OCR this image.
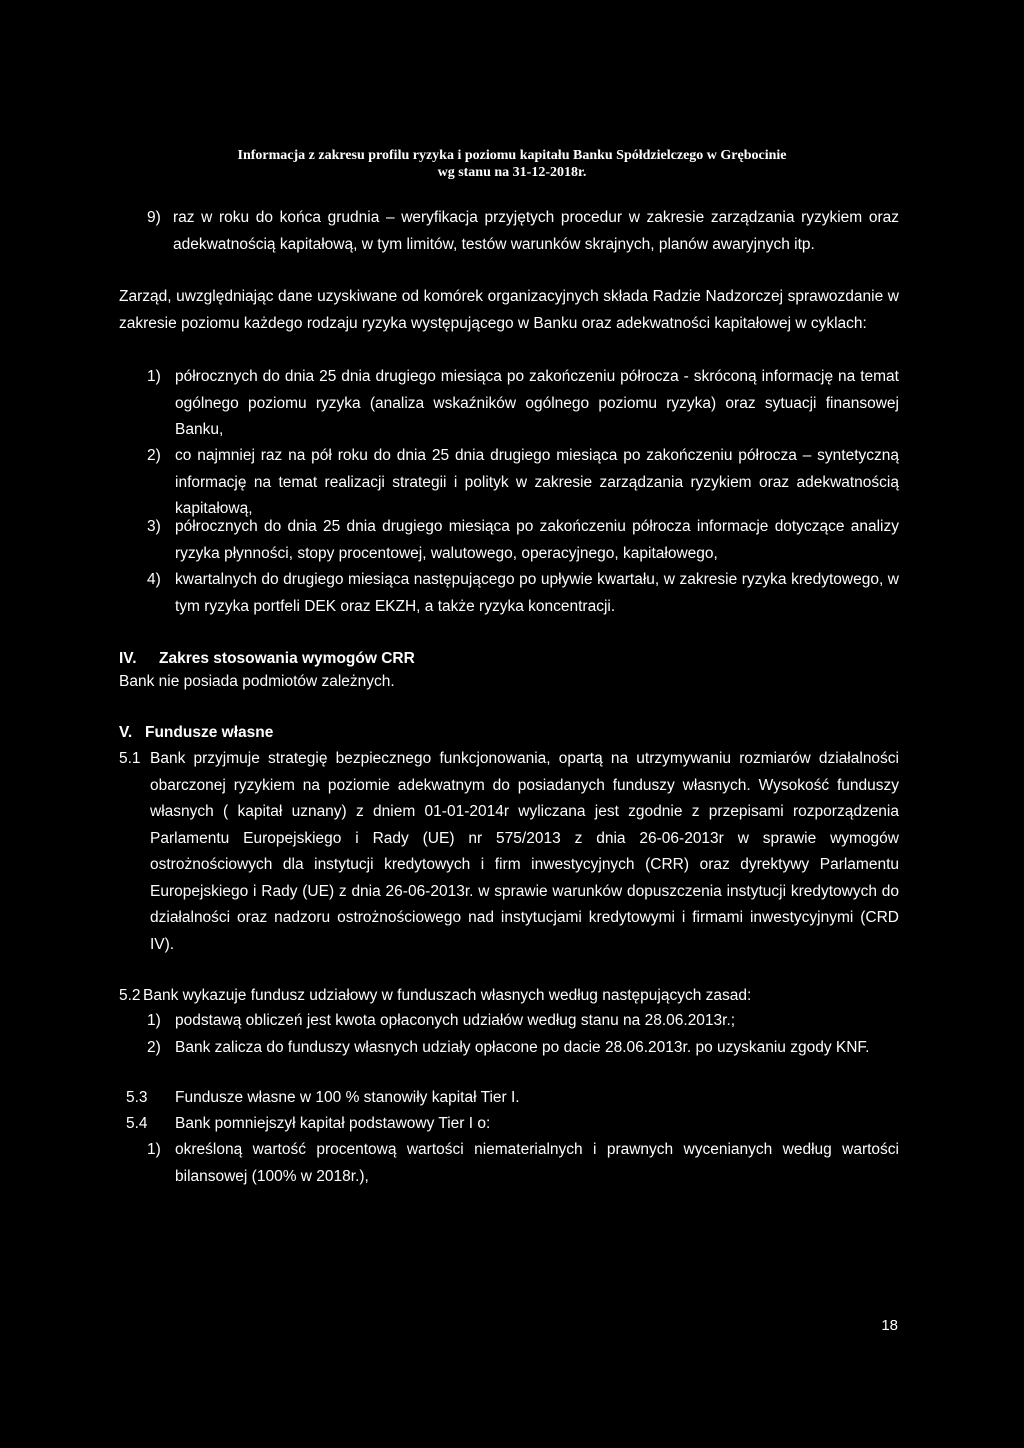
Informacja z zakresu profilu ryzyka i poziomu kapitału Banku Spółdzielczego w Grębocinie
wg stanu na 31-12-2018r.
9) raz w roku do końca grudnia – weryfikacja przyjętych procedur w zakresie zarządzania ryzykiem oraz adekwatnością kapitałową, w tym limitów, testów warunków skrajnych, planów awaryjnych itp.
Zarząd, uwzględniając dane uzyskiwane od komórek organizacyjnych składa Radzie Nadzorczej sprawozdanie w zakresie poziomu każdego rodzaju ryzyka występującego w Banku oraz adekwatności kapitałowej w cyklach:
1) półrocznych do dnia 25 dnia drugiego miesiąca po zakończeniu półrocza - skróconą informację na temat ogólnego poziomu ryzyka (analiza wskaźników ogólnego poziomu ryzyka) oraz sytuacji finansowej Banku,
2) co najmniej raz na pół roku do dnia 25 dnia drugiego miesiąca po zakończeniu półrocza – syntetyczną informację na temat realizacji strategii i polityk w zakresie zarządzania ryzykiem oraz adekwatnością kapitałową,
3) półrocznych do dnia 25 dnia drugiego miesiąca po zakończeniu półrocza informacje dotyczące analizy ryzyka płynności, stopy procentowej, walutowego, operacyjnego, kapitałowego,
4) kwartalnych do drugiego miesiąca następującego po upływie kwartału, w zakresie ryzyka kredytowego, w tym ryzyka portfeli DEK oraz EKZH, a także ryzyka koncentracji.
IV. Zakres stosowania wymogów CRR
Bank nie posiada podmiotów zależnych.
V. Fundusze własne
5.1 Bank przyjmuje strategię bezpiecznego funkcjonowania, opartą na utrzymywaniu rozmiarów działalności obarczonej ryzykiem na poziomie adekwatnym do posiadanych funduszy własnych. Wysokość funduszy własnych ( kapitał uznany) z dniem 01-01-2014r wyliczana jest zgodnie z przepisami rozporządzenia Parlamentu Europejskiego i Rady (UE) nr 575/2013 z dnia 26-06-2013r w sprawie wymogów ostrożnościowych dla instytucji kredytowych i firm inwestycyjnych (CRR) oraz dyrektywy Parlamentu Europejskiego i Rady (UE) z dnia 26-06-2013r. w sprawie warunków dopuszczenia instytucji kredytowych do działalności oraz nadzoru ostrożnościowego nad instytucjami kredytowymi i firmami inwestycyjnymi (CRD IV).
5.2 Bank wykazuje fundusz udziałowy w funduszach własnych według następujących zasad:
1) podstawą obliczeń jest kwota opłaconych udziałów według stanu na 28.06.2013r.;
2) Bank zalicza do funduszy własnych udziały opłacone po dacie 28.06.2013r. po uzyskaniu zgody KNF.
5.3 Fundusze własne w 100 % stanowiły kapitał Tier I.
5.4 Bank pomniejszył kapitał podstawowy Tier I o:
1) określoną wartość procentową wartości niematerialnych i prawnych wycenianych według wartości bilansowej (100% w 2018r.),
18
